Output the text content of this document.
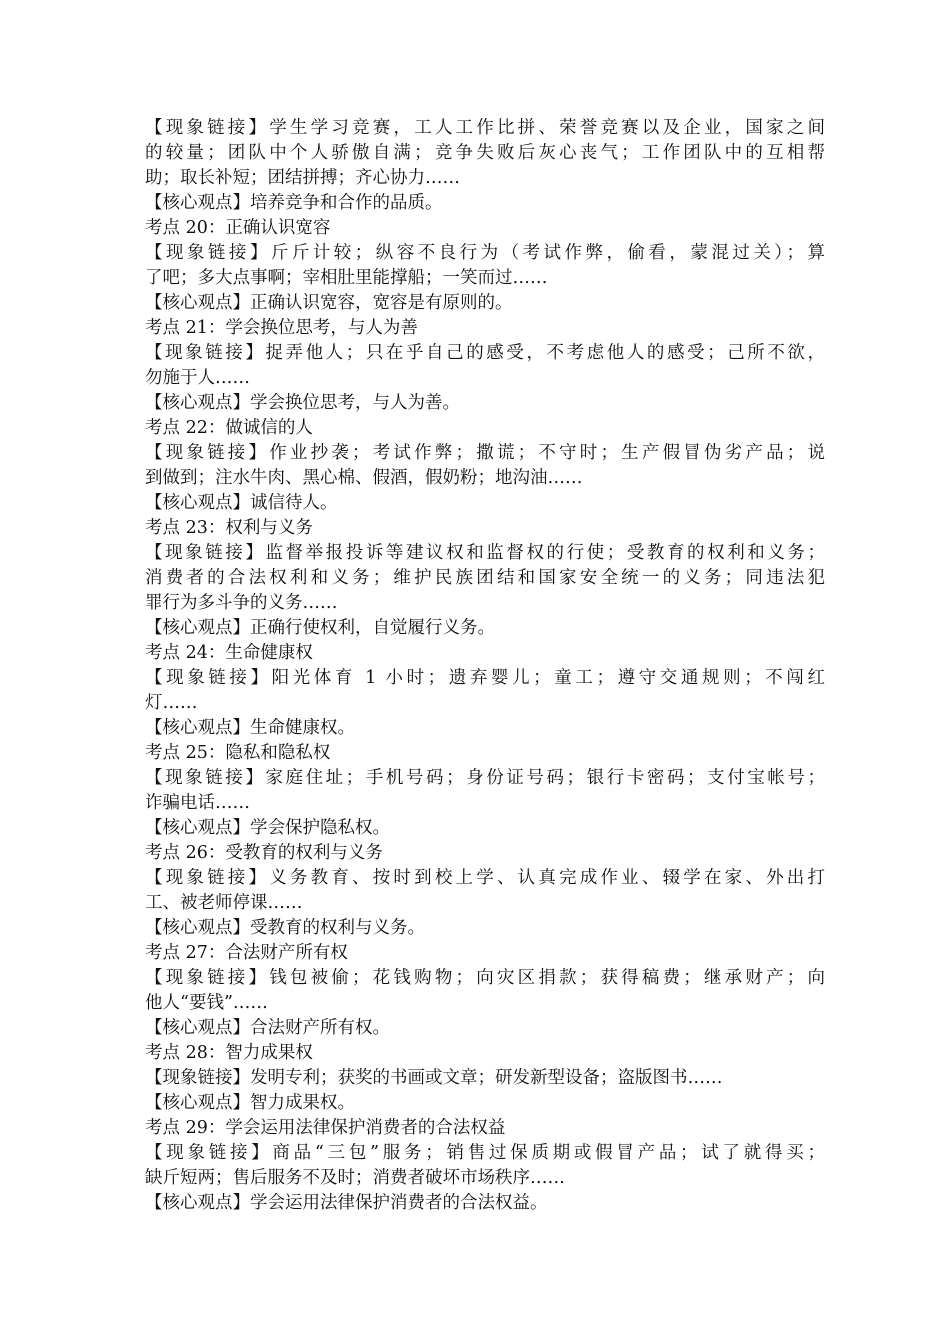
【现象链接】学生学习竞赛，工人工作比拼、荣誉竞赛以及企业，国家之间
的较量；团队中个人骄傲自满；竞争失败后灰心丧气；工作团队中的互相帮
助；取长补短；团结拼搏；齐心协力……
【核心观点】培养竞争和合作的品质。
考点 20：正确认识宽容
【现象链接】斤斤计较；纵容不良行为（考试作弊，偷看，蒙混过关）；算
了吧；多大点事啊；宰相肚里能撑船；一笑而过……
【核心观点】正确认识宽容，宽容是有原则的。
考点 21：学会换位思考，与人为善
【现象链接】捉弄他人；只在乎自己的感受，不考虑他人的感受；己所不欲，
勿施于人……
【核心观点】学会换位思考，与人为善。
考点 22：做诚信的人
【现象链接】作业抄袭；考试作弊；撒谎；不守时；生产假冒伪劣产品；说
到做到；注水牛肉、黑心棉、假酒，假奶粉；地沟油……
【核心观点】诚信待人。
考点 23：权利与义务
【现象链接】监督举报投诉等建议权和监督权的行使；受教育的权利和义务；
消费者的合法权利和义务；维护民族团结和国家安全统一的义务；同违法犯
罪行为多斗争的义务……
【核心观点】正确行使权利，自觉履行义务。
考点 24：生命健康权
【现象链接】阳光体育 1 小时；遗弃婴儿；童工；遵守交通规则；不闯红
灯……
【核心观点】生命健康权。
考点 25：隐私和隐私权
【现象链接】家庭住址；手机号码；身份证号码；银行卡密码；支付宝帐号；
诈骗电话……
【核心观点】学会保护隐私权。
考点 26：受教育的权利与义务
【现象链接】义务教育、按时到校上学、认真完成作业、辍学在家、外出打
工、被老师停课……
【核心观点】受教育的权利与义务。
考点 27：合法财产所有权
【现象链接】钱包被偷；花钱购物；向灾区捐款；获得稿费；继承财产；向
他人“要钱”……
【核心观点】合法财产所有权。
考点 28：智力成果权
【现象链接】发明专利；获奖的书画或文章；研发新型设备；盗版图书……
【核心观点】智力成果权。
考点 29：学会运用法律保护消费者的合法权益
【现象链接】商品“三包”服务；销售过保质期或假冒产品；试了就得买；
缺斤短两；售后服务不及时；消费者破坏市场秩序……
【核心观点】学会运用法律保护消费者的合法权益。
